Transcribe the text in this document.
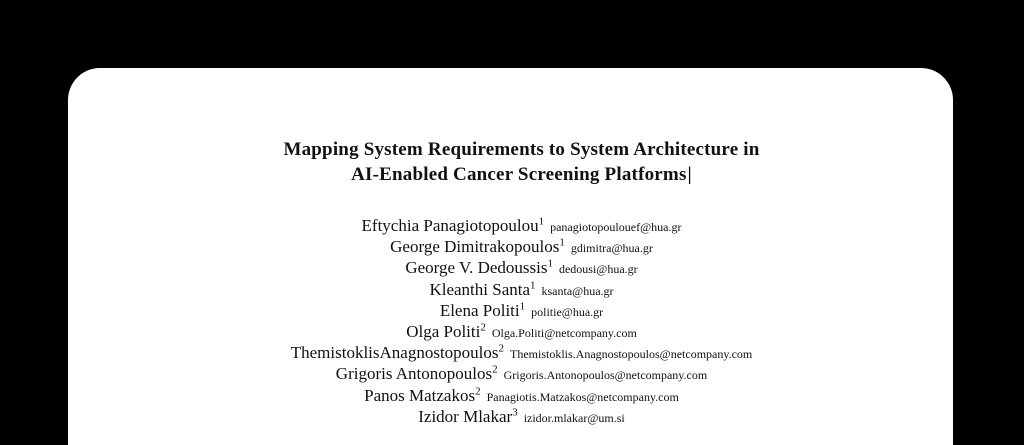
Mapping System Requirements to System Architecture in
AI-Enabled Cancer Screening Platforms|
Eftychia Panagiotopoulou$^1$ panagiotopoulouef@hua.gr
George Dimitrakopoulos$^1$ gdimitra@hua.gr
George V. Dedoussis$^1$ dedousi@hua.gr
Kleanthi Santa$^1$ ksanta@hua.gr
Elena Politi$^1$ politie@hua.gr
Olga Politi$^2$ Olga.Politi@netcompany.com
ThemistoklisAnagnostopoulos$^2$ Themistoklis.Anagnostopoulos@netcompany.com
Grigoris Antonopoulos$^2$ Grigoris.Antonopoulos@netcompany.com
Panos Matzakos$^2$ Panagiotis.Matzakos@netcompany.com
Izidor Mlakar$^3$ izidor.mlakar@um.si
